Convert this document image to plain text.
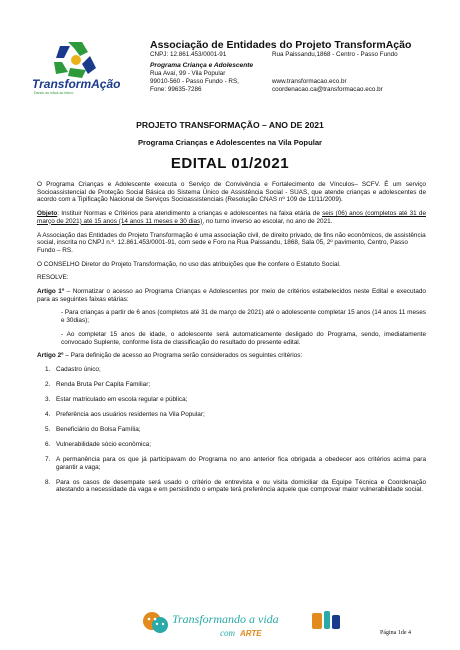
TransformAção
Dando as mãos ao futuro
Associação de Entidades do Projeto TransformAção
CNPJ: 12.861.453/0001-91	Rua Paissandu,1868 - Centro - Passo Fundo
Programa Criança e Adolescente
Rua Avaí, 99 - Vila Popular
99010-560 - Passo Fundo - RS,	www.transformacao.eco.br
Fone: 99635-7286	coordenacao.ca@transformacao.eco.br
PROJETO TRANSFORMAÇÃO – ANO DE 2021
Programa Crianças e Adolescentes na Vila Popular
EDITAL 01/2021

O Programa Crianças e Adolescente executa o Serviço de Convivência e Fortalecimento de Vínculos– SCFV. É um serviço Socioassistencial de Proteção Social Básica do Sistema Único de Assistência Social - SUAS, que atende crianças e adolescentes de acordo com a Tipificação Nacional de Serviços Socioassistenciais (Resolução CNAS nº 109 de 11/11/2009).

Objeto: Instituir Normas e Critérios para atendimento a crianças e adolescentes na faixa etária de seis (06) anos (completos até 31 de março de 2021) até 15 anos (14 anos 11 meses e 30 dias), no turno inverso ao escolar, no ano de 2021.

A Associação das Entidades do Projeto Transformação é uma associação civil, de direito privado, de fins não econômicos, de assistência social, inscrita no CNPJ n.º. 12.861.453/0001-91, com sede e Foro na Rua Paissandu, 1868, Sala 05, 2º pavimento, Centro, Passo Fundo – RS.

O CONSELHO Diretor do Projeto Transformação, no uso das atribuições que lhe confere o Estatuto Social.

RESOLVE:

Artigo 1º – Normatizar o acesso ao Programa Crianças e Adolescentes por meio de critérios estabelecidos neste Edital e executado para as seguintes faixas etárias:

- Para crianças a partir de 6 anos (completos até 31 de março de 2021) até o adolescente completar 15 anos (14 anos 11 meses e 30dias);

- Ao completar 15 anos de idade, o adolescente será automaticamente desligado do Programa, sendo, imediatamente convocado Suplente, conforme lista de classificação do resultado do presente edital.

Artigo 2º – Para definição de acesso ao Programa serão considerados os seguintes critérios:

1. Cadastro único;

2. Renda Bruta Per Capita Familiar;

3. Estar matriculado em escola regular e pública;

4. Preferência aos usuários residentes na Vila Popular;

5. Beneficiário do Bolsa Família;

6. Vulnerabilidade sócio econômica;

7. A permanência para os que já participavam do Programa no ano anterior fica obrigada a obedecer aos critérios acima para garantir a vaga;

8. Para os casos de desempate será usado o critério de entrevista e ou visita domiciliar da Equipe Técnica e Coordenação atestando a necessidade da vaga e em persistindo o empate terá preferência aquele que comprovar maior vulnerabilidade social.

Transformando a vida
com ARTE	Página 1de 4
